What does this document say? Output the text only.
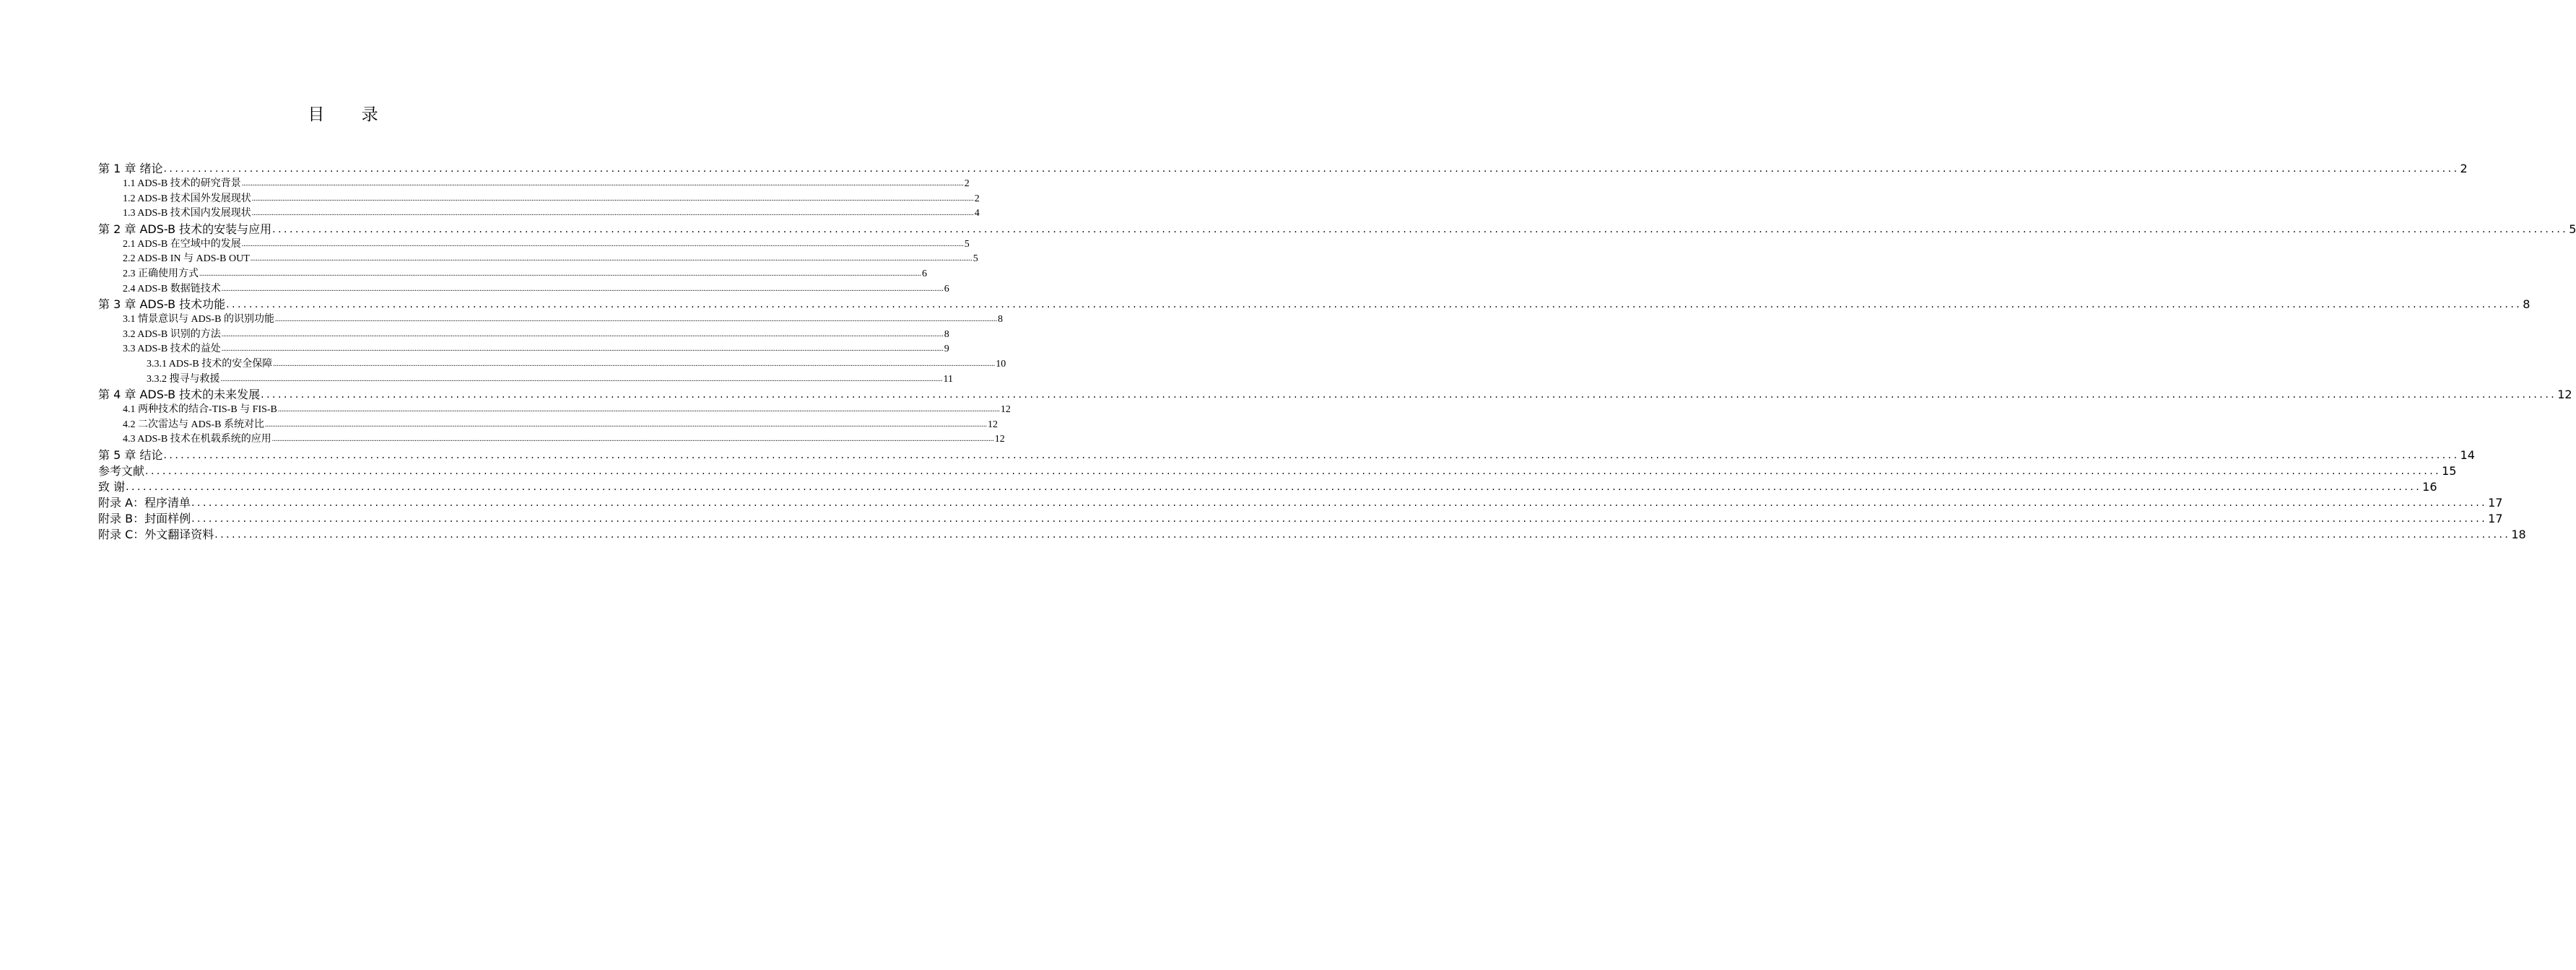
目 录
第 1 章 绪论 ................................................................................................................................................................................................................................................................................................................................................................................................................ 2
1.1 ADS-B 技术的研究背景 ................................................................................................................................................................................................................................................................................................................................................................................................................ 2
1.2 ADS-B 技术国外发展现状 ................................................................................................................................................................................................................................................................................................................................................................................................................ 2
1.3 ADS-B 技术国内发展现状 ................................................................................................................................................................................................................................................................................................................................................................................................................ 4
第 2 章 ADS-B 技术的安装与应用 ................................................................................................................................................................................................................................................................................................................................................................................................................ 5
2.1 ADS-B 在空域中的发展 ................................................................................................................................................................................................................................................................................................................................................................................................................ 5
2.2 ADS-B IN 与 ADS-B OUT ................................................................................................................................................................................................................................................................................................................................................................................................................ 5
2.3 正确使用方式 ................................................................................................................................................................................................................................................................................................................................................................................................................ 6
2.4 ADS-B 数据链技术 ................................................................................................................................................................................................................................................................................................................................................................................................................ 6
第 3 章 ADS-B 技术功能 ................................................................................................................................................................................................................................................................................................................................................................................................................ 8
3.1 情景意识与 ADS-B 的识别功能 ................................................................................................................................................................................................................................................................................................................................................................................................................ 8
3.2 ADS-B 识别的方法 ................................................................................................................................................................................................................................................................................................................................................................................................................ 8
3.3 ADS-B 技术的益处 ................................................................................................................................................................................................................................................................................................................................................................................................................ 9
3.3.1 ADS-B 技术的安全保障 ................................................................................................................................................................................................................................................................................................................................................................................................................ 10
3.3.2 搜寻与救援 ................................................................................................................................................................................................................................................................................................................................................................................................................ 11
第 4 章 ADS-B 技术的未来发展 ................................................................................................................................................................................................................................................................................................................................................................................................................ 12
4.1 两种技术的结合-TIS-B 与 FIS-B ................................................................................................................................................................................................................................................................................................................................................................................................................ 12
4.2 二次雷达与 ADS-B 系统对比 ................................................................................................................................................................................................................................................................................................................................................................................................................ 12
4.3 ADS-B 技术在机载系统的应用 ................................................................................................................................................................................................................................................................................................................................................................................................................ 12
第 5 章 结论 ................................................................................................................................................................................................................................................................................................................................................................................................................ 14
参考文献 ................................................................................................................................................................................................................................................................................................................................................................................................................ 15
致 谢 ................................................................................................................................................................................................................................................................................................................................................................................................................ 16
附录 A：程序清单 ................................................................................................................................................................................................................................................................................................................................................................................................................ 17
附录 B：封面样例 ................................................................................................................................................................................................................................................................................................................................................................................................................ 17
附录 C：外文翻译资料 ................................................................................................................................................................................................................................................................................................................................................................................................................ 18
